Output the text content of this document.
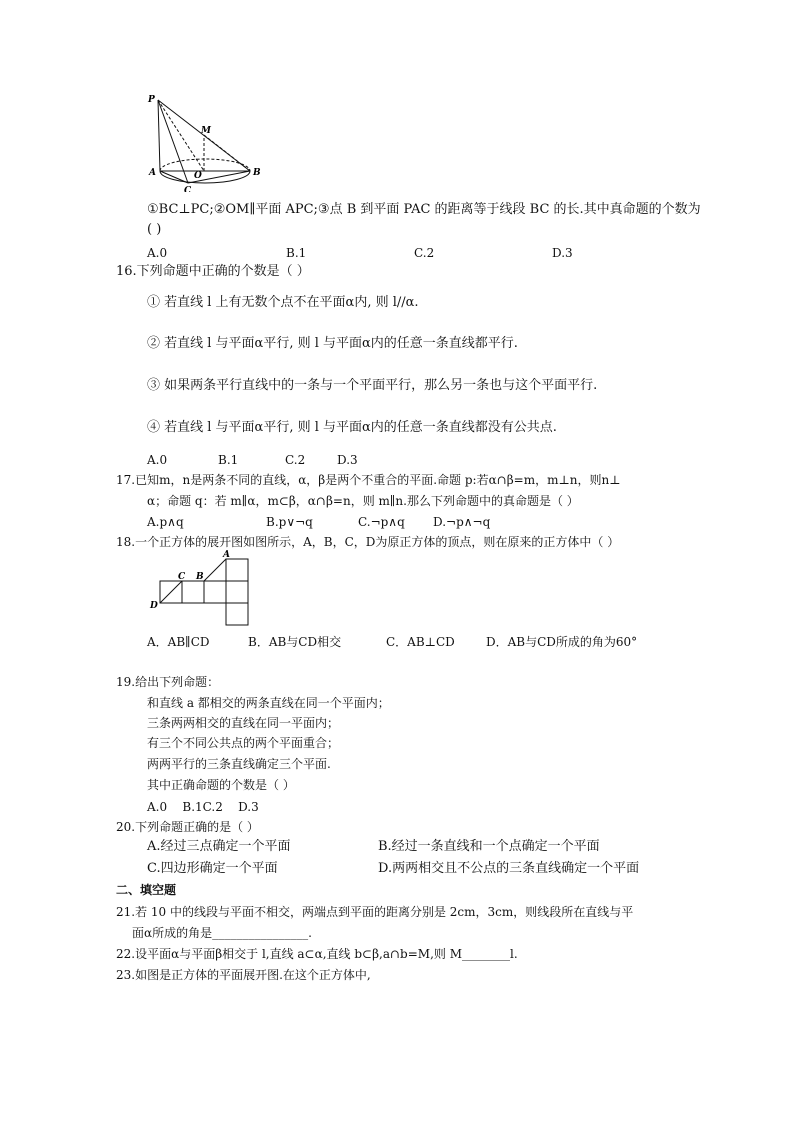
P
M
A	O	B
C
①BC⊥PC;②OM∥平面 APC;③点 B 到平面 PAC 的距离等于线段 BC 的长.其中真命题的个数为
( )
A.0	B.1	C.2	D.3
16.下列命题中正确的个数是（ ）
① 若直线 l 上有无数个点不在平面α内, 则 l//α.
② 若直线 l 与平面α平行, 则 l 与平面α内的任意一条直线都平行.
③ 如果两条平行直线中的一条与一个平面平行，那么另一条也与这个平面平行.
④ 若直线 l 与平面α平行, 则 l 与平面α内的任意一条直线都没有公共点.
A.0	B.1	C.2	D.3
17.已知m，n是两条不同的直线，α，β是两个不重合的平面.命题 p:若α∩β=m，m⊥n，则n⊥
α；命题 q：若 m∥α，m⊂β，α∩β=n，则 m∥n.那么下列命题中的真命题是（ ）
A.p∧q	B.p∨¬q	C.¬p∧q D.¬p∧¬q
18.一个正方体的展开图如图所示，A，B，C，D为原正方体的顶点，则在原来的正方体中（ ）
A
B
C
D
A．AB∥CD	B．AB与CD相交	C．AB⊥CD	D．AB与CD所成的角为60°
19.给出下列命题：
和直线 a 都相交的两条直线在同一个平面内；
三条两两相交的直线在同一平面内；
有三个不同公共点的两个平面重合；
两两平行的三条直线确定三个平面.
其中正确命题的个数是（ ）
A.0    B.1C.2    D.3
20.下列命题正确的是（ ）
A.经过三点确定一个平面	B.经过一条直线和一个点确定一个平面
C.四边形确定一个平面	D.两两相交且不公点的三条直线确定一个平面
二、填空题
21.若 10 中的线段与平面不相交，两端点到平面的距离分别是 2cm，3cm，则线段所在直线与平
面α所成的角是________________.
22.设平面α与平面β相交于 l,直线 a⊂α,直线 b⊂β,a∩b=M,则 M________l.
23.如图是正方体的平面展开图.在这个正方体中,
